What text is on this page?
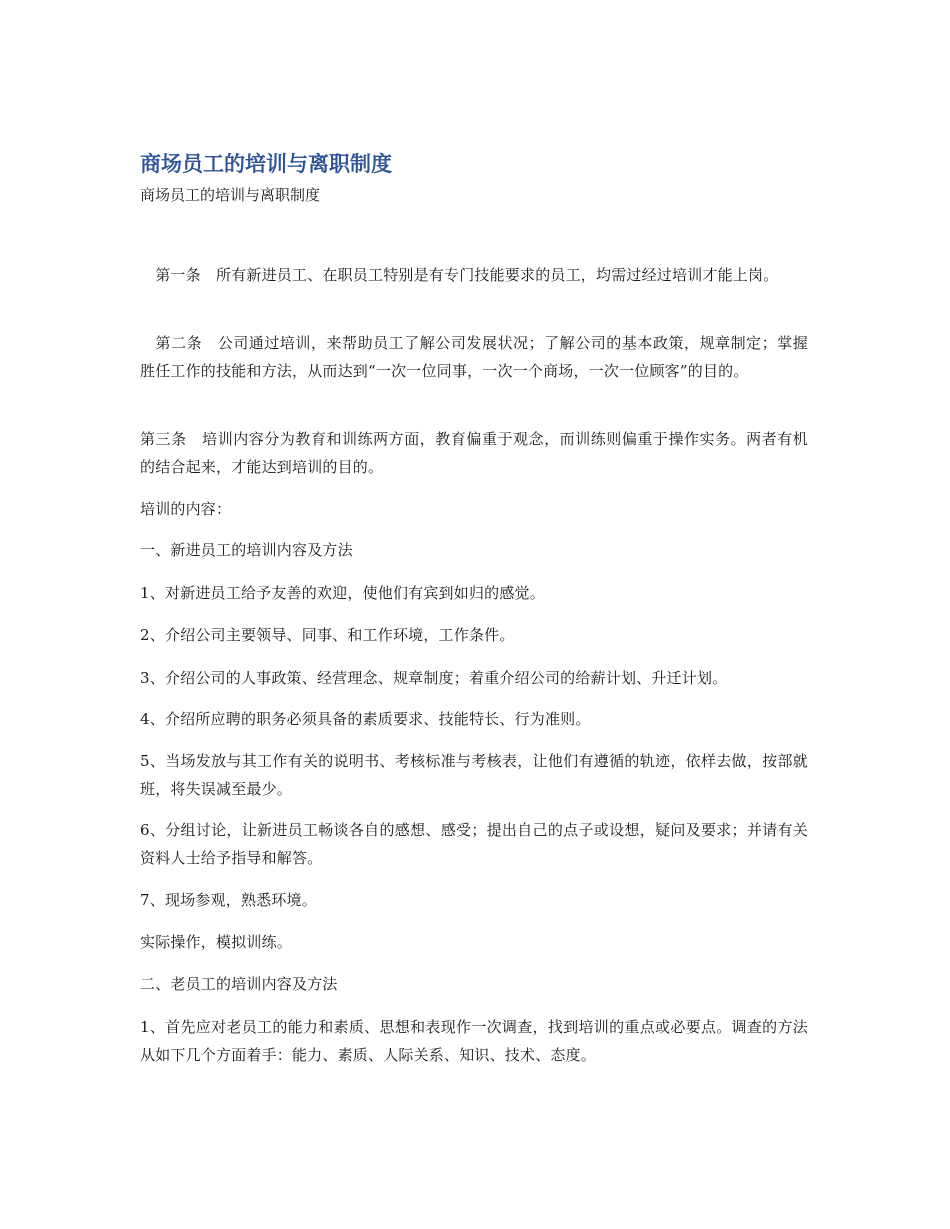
商场员工的培训与离职制度
商场员工的培训与离职制度

　第一条　所有新进员工、在职员工特别是有专门技能要求的员工，均需过经过培训才能上岗。

　第二条　公司通过培训，来帮助员工了解公司发展状况；了解公司的基本政策，规章制定；掌握胜任工作的技能和方法，从而达到“一次一位同事，一次一个商场，一次一位顾客”的目的。

第三条　培训内容分为教育和训练两方面，教育偏重于观念，而训练则偏重于操作实务。两者有机的结合起来，才能达到培训的目的。

培训的内容：

一、新进员工的培训内容及方法

1、对新进员工给予友善的欢迎，使他们有宾到如归的感觉。

2、介绍公司主要领导、同事、和工作环境，工作条件。

3、介绍公司的人事政策、经营理念、规章制度；着重介绍公司的给薪计划、升迁计划。

4、介绍所应聘的职务必须具备的素质要求、技能特长、行为准则。

5、当场发放与其工作有关的说明书、考核标准与考核表，让他们有遵循的轨迹，依样去做，按部就班，将失误减至最少。

6、分组讨论，让新进员工畅谈各自的感想、感受；提出自己的点子或设想，疑问及要求；并请有关资料人士给予指导和解答。

7、现场参观，熟悉环境。

实际操作，模拟训练。

二、老员工的培训内容及方法

1、首先应对老员工的能力和素质、思想和表现作一次调查，找到培训的重点或必要点。调查的方法从如下几个方面着手：能力、素质、人际关系、知识、技术、态度。
